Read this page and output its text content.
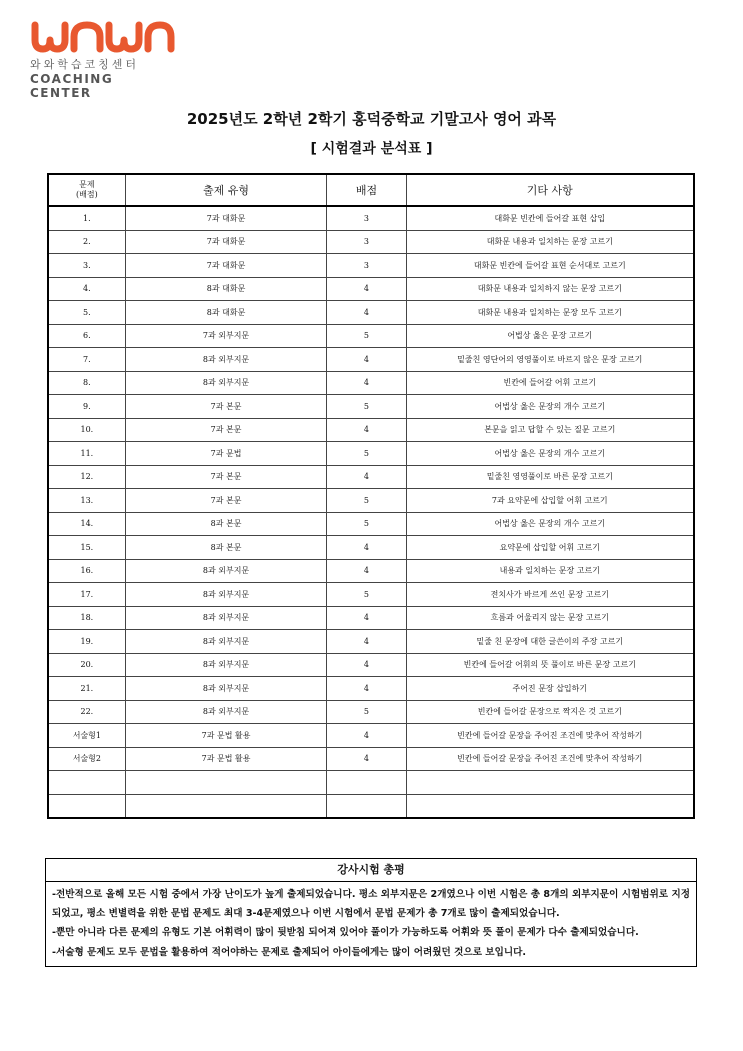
와와학습코칭센터
COACHING CENTER
2025년도 2학년 2학기 홍덕중학교 기말고사 영어 과목
[ 시험결과 분석표 ]
문제
(배점)	출제 유형	배점	기타 사항
1.	7과 대화문	3	대화문 빈칸에 들어갈 표현 삽입
2.	7과 대화문	3	대화문 내용과 일치하는 문장 고르기
3.	7과 대화문	3	대화문 빈칸에 들어갈 표현 순서대로 고르기
4.	8과 대화문	4	대화문 내용과 일치하지 않는 문장 고르기
5.	8과 대화문	4	대화문 내용과 일치하는 문장 모두 고르기
6.	7과 외부지문	5	어법상 옳은 문장 고르기
7.	8과 외부지문	4	밑줄친 영단어의 영영풀이로 바르지 않은 문장 고르기
8.	8과 외부지문	4	빈칸에 들어갈 어휘 고르기
9.	7과 본문	5	어법상 옳은 문장의 개수 고르기
10.	7과 본문	4	본문을 읽고 답할 수 있는 질문 고르기
11.	7과 문법	5	어법상 옳은 문장의 개수 고르기
12.	7과 본문	4	밑줄친 영영풀이로 바른 문장 고르기
13.	7과 본문	5	7과 요약문에 삽입할 어휘 고르기
14.	8과 본문	5	어법상 옳은 문장의 개수 고르기
15.	8과 본문	4	요약문에 삽입할 어휘 고르기
16.	8과 외부지문	4	내용과 일치하는 문장 고르기
17.	8과 외부지문	5	전치사가 바르게 쓰인 문장 고르기
18.	8과 외부지문	4	흐름과 어울리지 않는 문장 고르기
19.	8과 외부지문	4	밑줄 친 문장에 대한 글쓴이의 주장 고르기
20.	8과 외부지문	4	빈칸에 들어갈 어휘의 뜻 풀이로 바른 문장 고르기
21.	8과 외부지문	4	주어진 문장 삽입하기
22.	8과 외부지문	5	빈칸에 들어갈 문장으로 짝지은 것 고르기
서술형1	7과 문법 활용	4	빈칸에 들어갈 문장을 주어진 조건에 맞추어 작성하기
서술형2	7과 문법 활용	4	빈칸에 들어갈 문장을 주어진 조건에 맞추어 작성하기

강사시험 총평

-전반적으로 올해 모든 시험 중에서 가장 난이도가 높게 출제되었습니다. 평소 외부지문은 2개였으나 이번 시험은 총 8개의 외부지문이 시험범위로 지정되었고, 평소 변별력을 위한 문법 문제도 최대 3-4문제였으나 이번 시험에서 문법 문제가 총 7개로 많이 출제되었습니다.

-뿐만 아니라 다른 문제의 유형도 기본 어휘력이 많이 뒷받침 되어져 있어야 풀이가 가능하도록 어휘와 뜻 풀이 문제가 다수 출제되었습니다.

-서술형 문제도 모두 문법을 활용하여 적어야하는 문제로 출제되어 아이들에게는 많이 어려웠던 것으로 보입니다.
